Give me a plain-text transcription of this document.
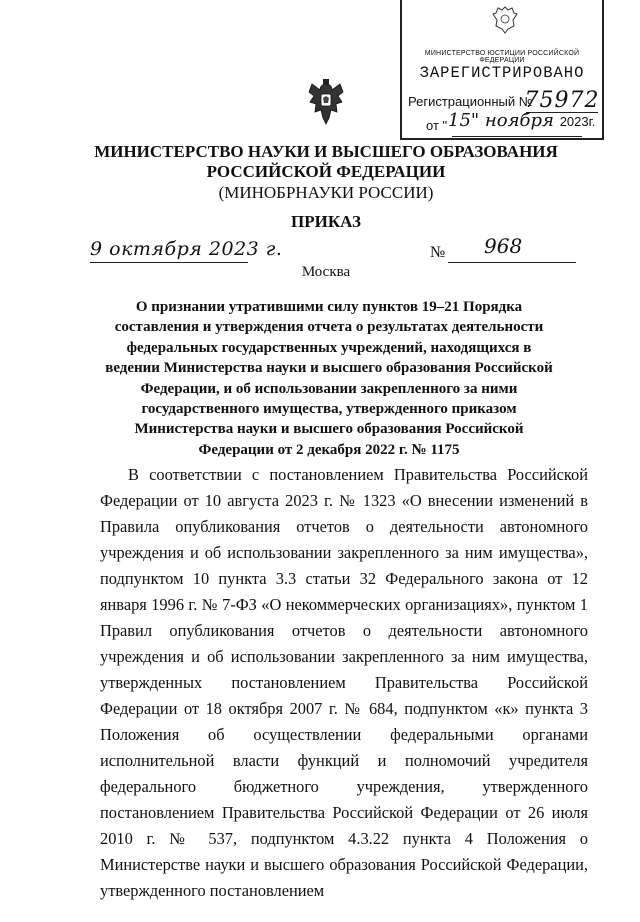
МИНИСТЕРСТВО ЮСТИЦИИ РОССИЙСКОЙ ФЕДЕРАЦИИ
ЗАРЕГИСТРИРОВАНО
Регистрационный №
75972
от " 15" ноября 2023г.
МИНИСТЕРСТВО НАУКИ И ВЫСШЕГО ОБРАЗОВАНИЯ
РОССИЙСКОЙ ФЕДЕРАЦИИ
(МИНОБРНАУКИ РОССИИ)
ПРИКАЗ
9 октября 2023 г.	№ 968
Москва
О признании утратившими силу пунктов 19–21 Порядка составления и утверждения отчета о результатах деятельности федеральных государственных учреждений, находящихся в ведении Министерства науки и высшего образования Российской Федерации, и об использовании закрепленного за ними государственного имущества, утвержденного приказом Министерства науки и высшего образования Российской Федерации от 2 декабря 2022 г. № 1175

В соответствии с постановлением Правительства Российской Федерации от 10 августа 2023 г. № 1323 «О внесении изменений в Правила опубликования отчетов о деятельности автономного учреждения и об использовании закрепленного за ним имущества», подпунктом 10 пункта 3.3 статьи 32 Федерального закона от 12 января 1996 г. № 7-ФЗ «О некоммерческих организациях», пунктом 1 Правил опубликования отчетов о деятельности автономного учреждения и об использовании закрепленного за ним имущества, утвержденных постановлением Правительства Российской Федерации от 18 октября 2007 г. № 684, подпунктом «к» пункта 3 Положения об осуществлении федеральными органами исполнительной власти функций и полномочий учредителя федерального бюджетного учреждения, утвержденного постановлением Правительства Российской Федерации от 26 июля 2010 г. № 537, подпунктом 4.3.22 пункта 4 Положения о Министерстве науки и высшего образования Российской Федерации, утвержденного постановлением
